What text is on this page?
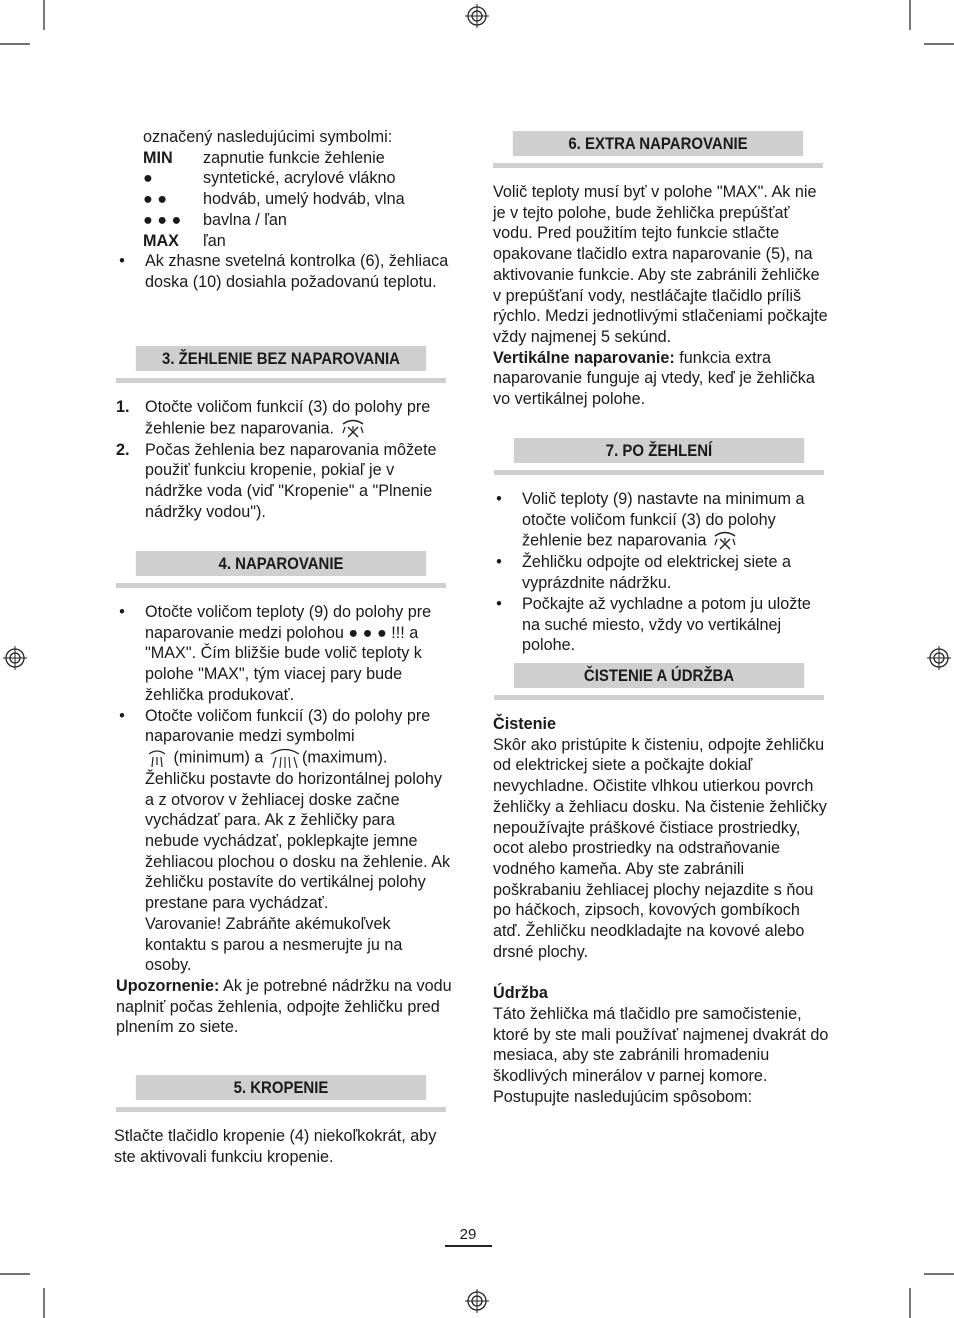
označený nasledujúcimi symbolmi:

MIN	zapnutie funkcie žehlenie
●	syntetické, acrylové vlákno
● ●	hodváb, umelý hodváb, vlna
● ● ●	bavlna / ľan
MAX	ľan
• Ak zhasne svetelná kontrolka (6), žehliaca doska (10) dosiahla požadovanú teplotu.
3. ŽEHLENIE BEZ NAPAROVANIA
1. Otočte voličom funkcií (3) do polohy pre žehlenie bez naparovania.
2. Počas žehlenia bez naparovania môžete použiť funkciu kropenie, pokiaľ je v nádržke voda (viď "Kropenie" a "Plnenie nádržky vodou").
4. NAPAROVANIE
• Otočte voličom teploty (9) do polohy pre naparovanie medzi polohou ● ● ● !!! a "MAX". Čím bližšie bude volič teploty k polohe "MAX", tým viacej pary bude žehlička produkovať.
• Otočte voličom funkcií (3) do polohy pre naparovanie medzi symbolmi
(minimum) a (maximum). Žehličku postavte do horizontálnej polohy a z otvorov v žehliacej doske začne vychádzať para. Ak z žehličky para nebude vychádzať, poklepkajte jemne žehliacou plochou o dosku na žehlenie. Ak žehličku postavíte do vertikálnej polohy prestane para vychádzať.
Varovanie! Zabráňte akémukoľvek kontaktu s parou a nesmerujte ju na osoby.

Upozornenie: Ak je potrebné nádržku na vodu naplniť počas žehlenia, odpojte žehličku pred plnením zo siete.

5. KROPENIE

Stlačte tlačidlo kropenie (4) niekoľkokrát, aby ste aktivovali funkciu kropenie.

6. EXTRA NAPAROVANIE

Volič teploty musí byť v polohe "MAX". Ak nie je v tejto polohe, bude žehlička prepúšťať vodu. Pred použitím tejto funkcie stlačte opakovane tlačidlo extra naparovanie (5), na aktivovanie funkcie. Aby ste zabránili žehličke v prepúšťaní vody, nestláčajte tlačidlo príliš rýchlo. Medzi jednotlivými stlačeniami počkajte vždy najmenej 5 sekúnd.

Vertikálne naparovanie: funkcia extra naparovanie funguje aj vtedy, keď je žehlička vo vertikálnej polohe.

7. PO ŽEHLENÍ
• Volič teploty (9) nastavte na minimum a otočte voličom funkcií (3) do polohy žehlenie bez naparovania
• Žehličku odpojte od elektrickej siete a vyprázdnite nádržku.
• Počkajte až vychladne a potom ju uložte na suché miesto, vždy vo vertikálnej polohe.
ČISTENIE A ÚDRŽBA

Čistenie

Skôr ako pristúpite k čisteniu, odpojte žehličku od elektrickej siete a počkajte dokiaľ nevychladne. Očistite vlhkou utierkou povrch žehličky a žehliacu dosku. Na čistenie žehličky nepoužívajte práškové čistiace prostriedky, ocot alebo prostriedky na odstraňovanie vodného kameňa. Aby ste zabránili poškrabaniu žehliacej plochy nejazdite s ňou po háčkoch, zipsoch, kovových gombíkoch atď. Žehličku neodkladajte na kovové alebo drsné plochy.

Údržba

Táto žehlička má tlačidlo pre samočistenie, ktoré by ste mali používať najmenej dvakrát do mesiaca, aby ste zabránili hromadeniu škodlivých minerálov v parnej komore. Postupujte nasledujúcim spôsobom:

29
